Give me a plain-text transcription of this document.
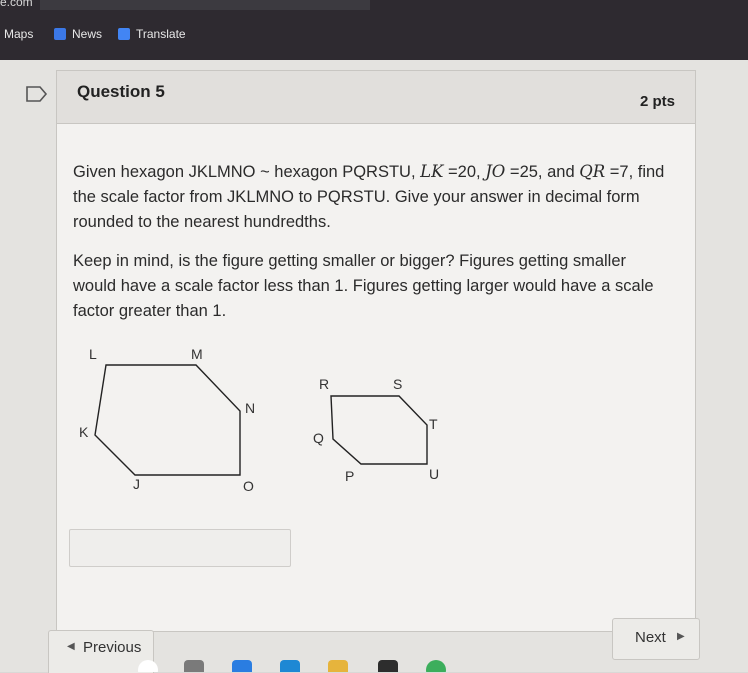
e.com
Maps	News	Translate
Question 5
2 pts
Given hexagon JKLMNO ~ hexagon PQRSTU, LK =20, JO =25, and QR =7, find the scale factor from JKLMNO to PQRSTU. Give your answer in decimal form rounded to the nearest hundredths.
Keep in mind, is the figure getting smaller or bigger? Figures getting smaller would have a scale factor less than 1. Figures getting larger would have a scale factor greater than 1.
L	M
N
K
J	O
R	S
T
Q
P	U
◀ Previous
Next ▶
